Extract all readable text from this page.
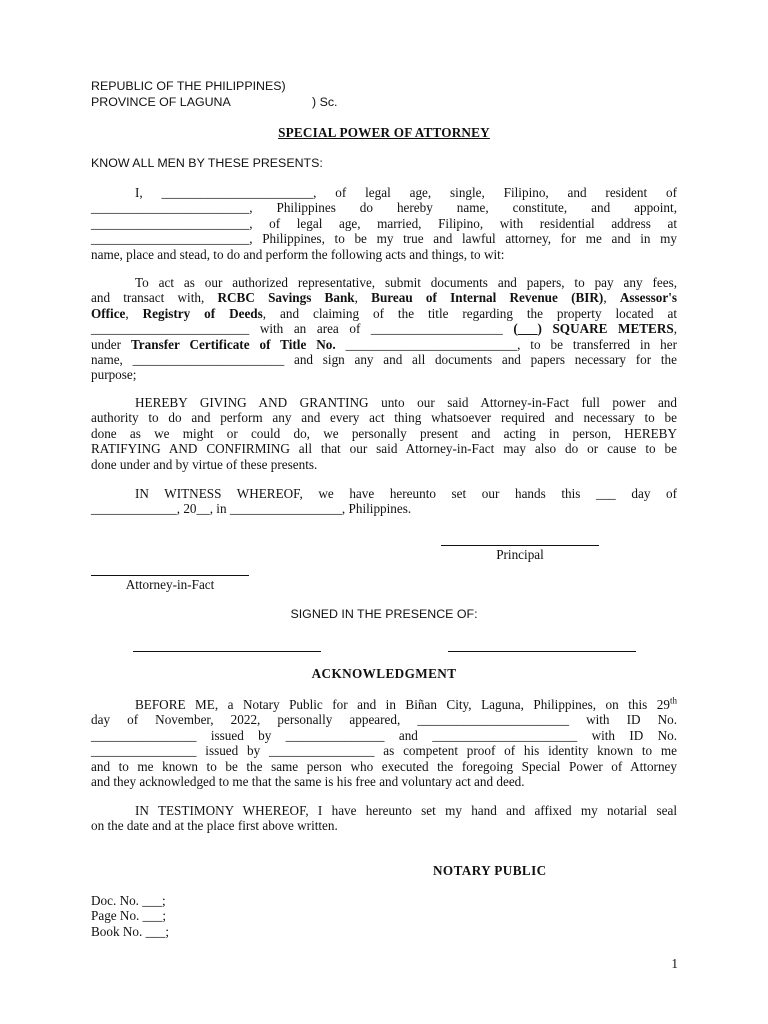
REPUBLIC OF THE PHILIPPINES)
PROVINCE OF LAGUNA	) Sc.
SPECIAL POWER OF ATTORNEY
KNOW ALL MEN BY THESE PRESENTS:
I, _______________________, of legal age, single, Filipino, and resident of
________________________, Philippines do hereby name, constitute, and appoint,
________________________, of legal age, married, Filipino, with residential address at
________________________, Philippines, to be my true and lawful attorney, for me and in my
name, place and stead, to do and perform the following acts and things, to wit:
To act as our authorized representative, submit documents and papers, to pay any fees,
and transact with, RCBC Savings Bank, Bureau of Internal Revenue (BIR), Assessor's
Office, Registry of Deeds, and claiming of the title regarding the property located at
________________________ with an area of ____________________ (___) SQUARE METERS,
under Transfer Certificate of Title No. __________________________, to be transferred in her
name, _______________________ and sign any and all documents and papers necessary for the
purpose;
HEREBY GIVING AND GRANTING unto our said Attorney-in-Fact full power and
authority to do and perform any and every act thing whatsoever required and necessary to be
done as we might or could do, we personally present and acting in person, HEREBY
RATIFYING AND CONFIRMING all that our said Attorney-in-Fact may also do or cause to be
done under and by virtue of these presents.
IN WITNESS WHEREOF, we have hereunto set our hands this ___ day of
_____________, 20__, in _________________, Philippines.
Principal
Attorney-in-Fact
SIGNED IN THE PRESENCE OF:
ACKNOWLEDGMENT
BEFORE ME, a Notary Public for and in Biñan City, Laguna, Philippines, on this 29th
day of November, 2022, personally appeared, _______________________ with ID No.
________________ issued by _______________ and ______________________ with ID No.
________________ issued by ________________ as competent proof of his identity known to me
and to me known to be the same person who executed the foregoing Special Power of Attorney
and they acknowledged to me that the same is his free and voluntary act and deed.
IN TESTIMONY WHEREOF, I have hereunto set my hand and affixed my notarial seal
on the date and at the place first above written.
NOTARY PUBLIC
Doc. No. ___;
Page No. ___;
Book No. ___;
1
